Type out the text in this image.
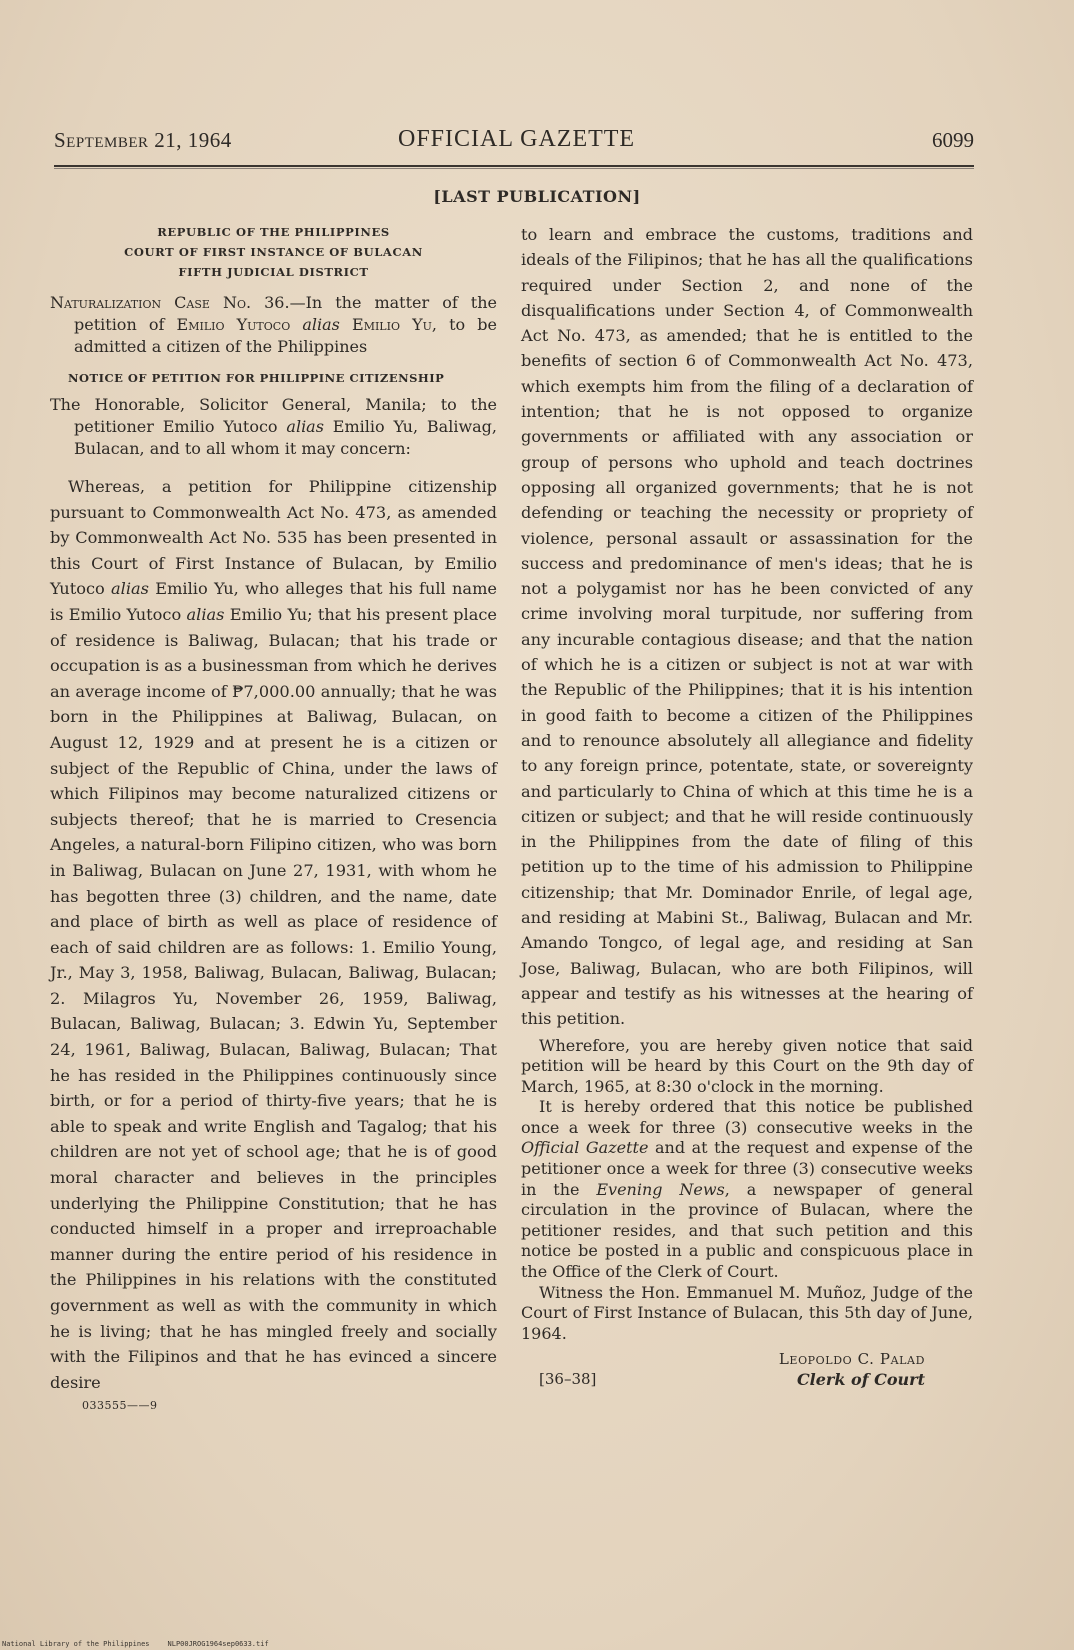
September 21, 1964	OFFICIAL GAZETTE	6099
[LAST PUBLICATION]
REPUBLIC OF THE PHILIPPINES
COURT OF FIRST INSTANCE OF BULACAN
FIFTH JUDICIAL DISTRICT
Naturalization Case No. 36.—In the matter of the petition of Emilio Yutoco alias Emilio Yu, to be admitted a citizen of the Philippines
NOTICE OF PETITION FOR PHILIPPINE CITIZENSHIP
The Honorable, Solicitor General, Manila; to the petitioner Emilio Yutoco alias Emilio Yu, Baliwag, Bulacan, and to all whom it may concern:
Whereas, a petition for Philippine citizenship pursuant to Commonwealth Act No. 473, as amended by Commonwealth Act No. 535 has been presented in this Court of First Instance of Bulacan, by Emilio Yutoco alias Emilio Yu, who alleges that his full name is Emilio Yutoco alias Emilio Yu; that his present place of residence is Baliwag, Bulacan; that his trade or occupation is as a businessman from which he derives an average income of ₱7,000.00 annually; that he was born in the Philippines at Baliwag, Bulacan, on August 12, 1929 and at present he is a citizen or subject of the Republic of China, under the laws of which Filipinos may become naturalized citizens or subjects thereof; that he is married to Cresencia Angeles, a natural-born Filipino citizen, who was born in Baliwag, Bulacan on June 27, 1931, with whom he has begotten three (3) children, and the name, date and place of birth as well as place of residence of each of said children are as follows: 1. Emilio Young, Jr., May 3, 1958, Baliwag, Bulacan, Baliwag, Bulacan; 2. Milagros Yu, November 26, 1959, Baliwag, Bulacan, Baliwag, Bulacan; 3. Edwin Yu, September 24, 1961, Baliwag, Bulacan, Baliwag, Bulacan; That he has resided in the Philippines continuously since birth, or for a period of thirty-five years; that he is able to speak and write English and Tagalog; that his children are not yet of school age; that he is of good moral character and believes in the principles underlying the Philippine Constitution; that he has conducted himself in a proper and irreproachable manner during the entire period of his residence in the Philippines in his relations with the constituted government as well as with the community in which he is living; that he has mingled freely and socially with the Filipinos and that he has evinced a sincere desire
033555——9

to learn and embrace the customs, traditions and ideals of the Filipinos; that he has all the qualifications required under Section 2, and none of the disqualifications under Section 4, of Commonwealth Act No. 473, as amended; that he is entitled to the benefits of section 6 of Commonwealth Act No. 473, which exempts him from the filing of a declaration of intention; that he is not opposed to organize governments or affiliated with any association or group of persons who uphold and teach doctrines opposing all organized governments; that he is not defending or teaching the necessity or propriety of violence, personal assault or assassination for the success and predominance of men's ideas; that he is not a polygamist nor has he been convicted of any crime involving moral turpitude, nor suffering from any incurable contagious disease; and that the nation of which he is a citizen or subject is not at war with the Republic of the Philippines; that it is his intention in good faith to become a citizen of the Philippines and to renounce absolutely all allegiance and fidelity to any foreign prince, potentate, state, or sovereignty and particularly to China of which at this time he is a citizen or subject; and that he will reside continuously in the Philippines from the date of filing of this petition up to the time of his admission to Philippine citizenship; that Mr. Dominador Enrile, of legal age, and residing at Mabini St., Baliwag, Bulacan and Mr. Amando Tongco, of legal age, and residing at San Jose, Baliwag, Bulacan, who are both Filipinos, will appear and testify as his witnesses at the hearing of this petition.

Wherefore, you are hereby given notice that said petition will be heard by this Court on the 9th day of March, 1965, at 8:30 o'clock in the morning.

It is hereby ordered that this notice be published once a week for three (3) consecutive weeks in the Official Gazette and at the request and expense of the petitioner once a week for three (3) consecutive weeks in the Evening News, a newspaper of general circulation in the province of Bulacan, where the petitioner resides, and that such petition and this notice be posted in a public and conspicuous place in the Office of the Clerk of Court.

Witness the Hon. Emmanuel M. Muñoz, Judge of the Court of First Instance of Bulacan, this 5th day of June, 1964.

Leopoldo C. Palad
[36–38]	Clerk of Court
National Library of the Philippines	NLP00JROG1964sep0633.tif
